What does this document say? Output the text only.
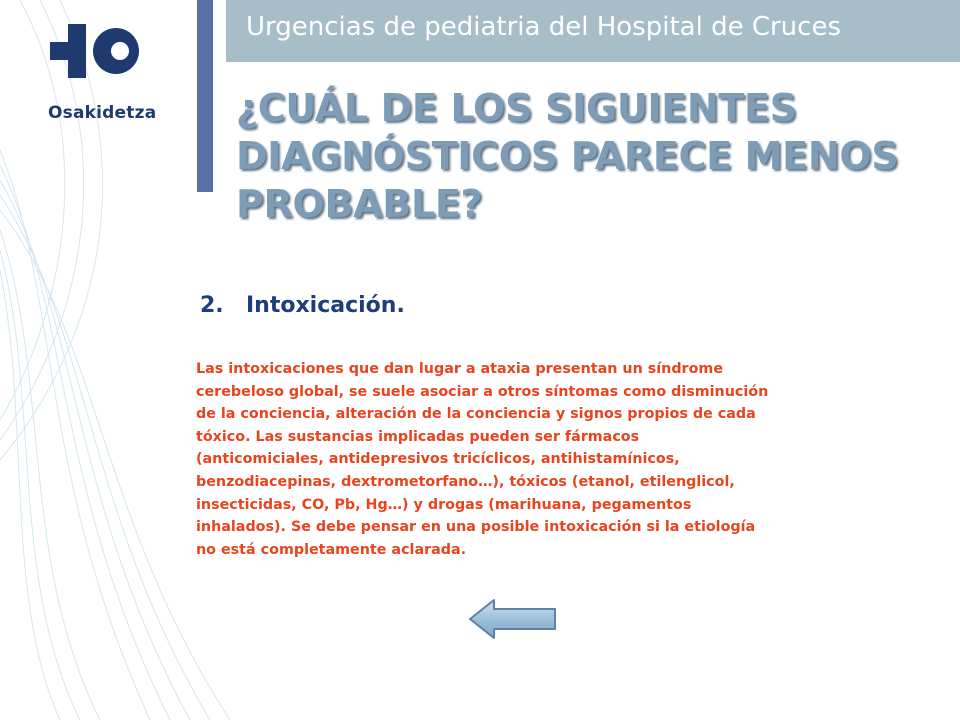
Osakidetza
Urgencias de pediatria del Hospital de Cruces
¿CUÁL DE LOS SIGUIENTES DIAGNÓSTICOS PARECE MENOS PROBABLE?
2. Intoxicación.
Las intoxicaciones que dan lugar a ataxia presentan un síndrome
cerebeloso global, se suele asociar a otros síntomas como disminución
de la conciencia, alteración de la conciencia y signos propios de cada
tóxico. Las sustancias implicadas pueden ser fármacos
(anticomiciales, antidepresivos tricíclicos, antihistamínicos,
benzodiacepinas, dextrometorfano…), tóxicos (etanol, etilenglicol,
insecticidas, CO, Pb, Hg…) y drogas (marihuana, pegamentos
inhalados). Se debe pensar en una posible intoxicación si la etiología
no está completamente aclarada.
